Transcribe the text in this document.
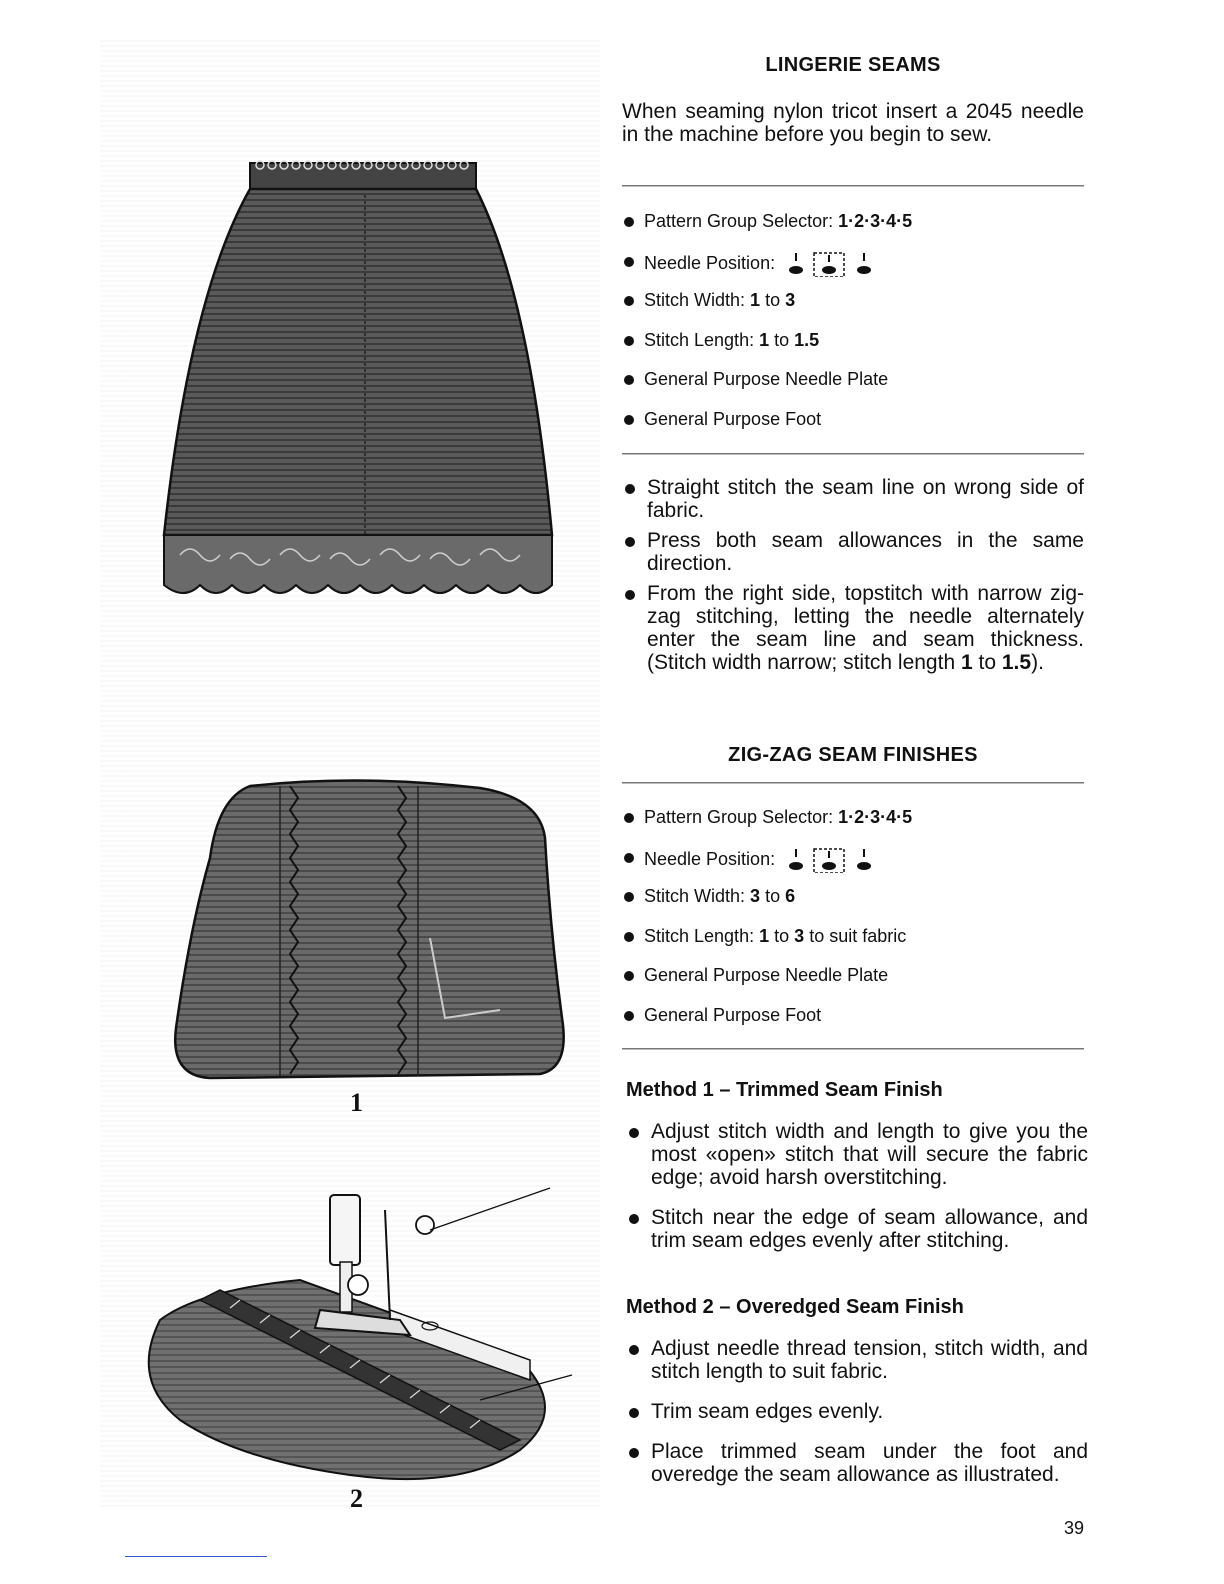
1
2
LINGERIE SEAMS

When seaming nylon tricot insert a 2045 needle in the machine before you begin to sew.

Pattern Group Selector: 1·2·3·4·5
Needle Position:
Stitch Width: 1 to 3
Stitch Length: 1 to 1.5
General Purpose Needle Plate
General Purpose Foot
Straight stitch the seam line on wrong side of fabric.
Press both seam allowances in the same direction.
From the right side, topstitch with narrow zig-zag stitching, letting the needle alternately enter the seam line and seam thickness. (Stitch width narrow; stitch length 1 to 1.5).
ZIG-ZAG SEAM FINISHES
Pattern Group Selector: 1·2·3·4·5
Needle Position:
Stitch Width: 3 to 6
Stitch Length: 1 to 3 to suit fabric
General Purpose Needle Plate
General Purpose Foot
Method 1 – Trimmed Seam Finish
Adjust stitch width and length to give you the most «open» stitch that will secure the fabric edge; avoid harsh overstitching.
Stitch near the edge of seam allowance, and trim seam edges evenly after stitching.
Method 2 – Overedged Seam Finish
Adjust needle thread tension, stitch width, and stitch length to suit fabric.
Trim seam edges evenly.
Place trimmed seam under the foot and overedge the seam allowance as illustrated.
39
